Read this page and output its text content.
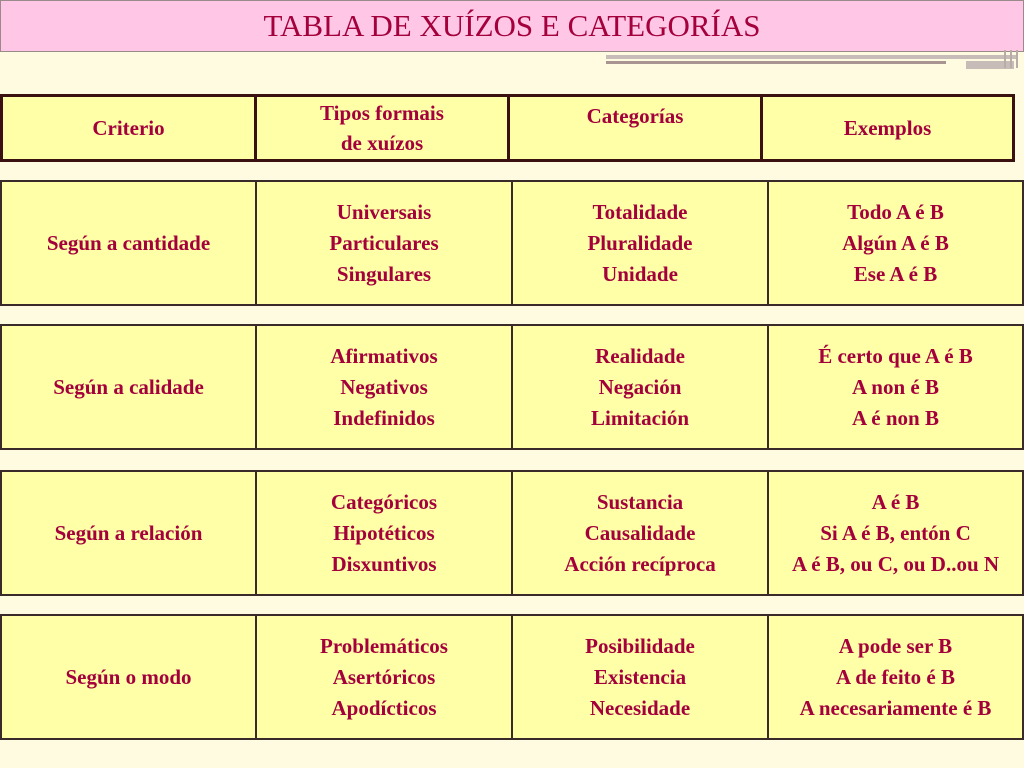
TABLA DE XUÍZOS E CATEGORÍAS
Criterio
Tipos formais
de xuízos
Categorías	Exemplos
Según a cantidade
Universais
Particulares
Singulares
Totalidade
Pluralidade
Unidade
Todo A é B
Algún A é B
Ese A é B
Según a calidade
Afirmativos
Negativos
Indefinidos
Realidade
Negación
Limitación
É certo que A é B
A non é B
A é non B
Según a relación
Categóricos
Hipotéticos
Disxuntivos
Sustancia
Causalidade
Acción recíproca
A é B
Si A é B, entón C
A é B, ou C, ou D..ou N
Según o modo
Problemáticos
Asertóricos
Apodícticos
Posibilidade
Existencia
Necesidade
A pode ser B
A de feito é B
A necesariamente é B
